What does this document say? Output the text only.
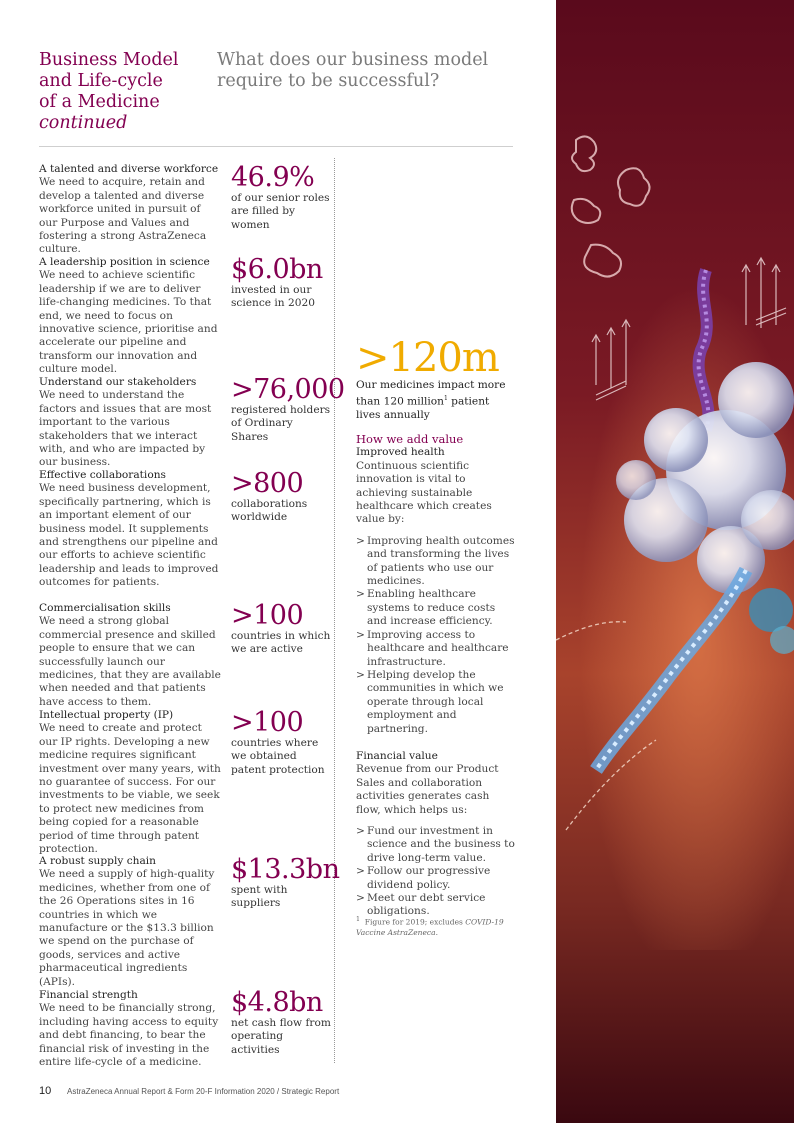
Business Model
and Life-cycle
of a Medicine
continued
What does our business model
require to be successful?
A talented and diverse workforce
We need to acquire, retain and develop a talented and diverse workforce united in pursuit of our Purpose and Values and fostering a strong AstraZeneca culture.
46.9%
of our senior roles are filled by women
A leadership position in science
We need to achieve scientific leadership if we are to deliver life-changing medicines. To that end, we need to focus on innovative science, prioritise and accelerate our pipeline and transform our innovation and culture model.
$6.0bn
invested in our science in 2020
Understand our stakeholders
We need to understand the factors and issues that are most important to the various stakeholders that we interact with, and who are impacted by our business.
>76,000
registered holders of Ordinary Shares
Effective collaborations
We need business development, specifically partnering, which is an important element of our business model. It supplements and strengthens our pipeline and our efforts to achieve scientific leadership and leads to improved outcomes for patients.
>800
collaborations worldwide
Commercialisation skills
We need a strong global commercial presence and skilled people to ensure that we can successfully launch our medicines, that they are available when needed and that patients have access to them.
>100
countries in which we are active
Intellectual property (IP)
We need to create and protect our IP rights. Developing a new medicine requires significant investment over many years, with no guarantee of success. For our investments to be viable, we seek to protect new medicines from being copied for a reasonable period of time through patent protection.
>100
countries where we obtained patent protection
A robust supply chain
We need a supply of high-quality medicines, whether from one of the 26 Operations sites in 16 countries in which we manufacture or the $13.3 billion we spend on the purchase of goods, services and active pharmaceutical ingredients (APIs).
$13.3bn
spent with suppliers
Financial strength
We need to be financially strong, including having access to equity and debt financing, to bear the financial risk of investing in the entire life-cycle of a medicine.
$4.8bn
net cash flow from operating activities
>120m
Our medicines impact more than 120 million$^1$ patient lives annually
How we add value
Improved health
Continuous scientific innovation is vital to achieving sustainable healthcare which creates value by:
> Improving health outcomes and transforming the lives of patients who use our medicines.
> Enabling healthcare systems to reduce costs and increase efficiency.
> Improving access to healthcare and healthcare infrastructure.
> Helping develop the communities in which we operate through local employment and partnering.
Financial value
Revenue from our Product Sales and collaboration activities generates cash flow, which helps us:
> Fund our investment in science and the business to drive long-term value.
> Follow our progressive dividend policy.
> Meet our debt service obligations.
$^1$ Figure for 2019; excludes COVID-19 Vaccine AstraZeneca.
10 AstraZeneca Annual Report & Form 20-F Information 2020 / Strategic Report
